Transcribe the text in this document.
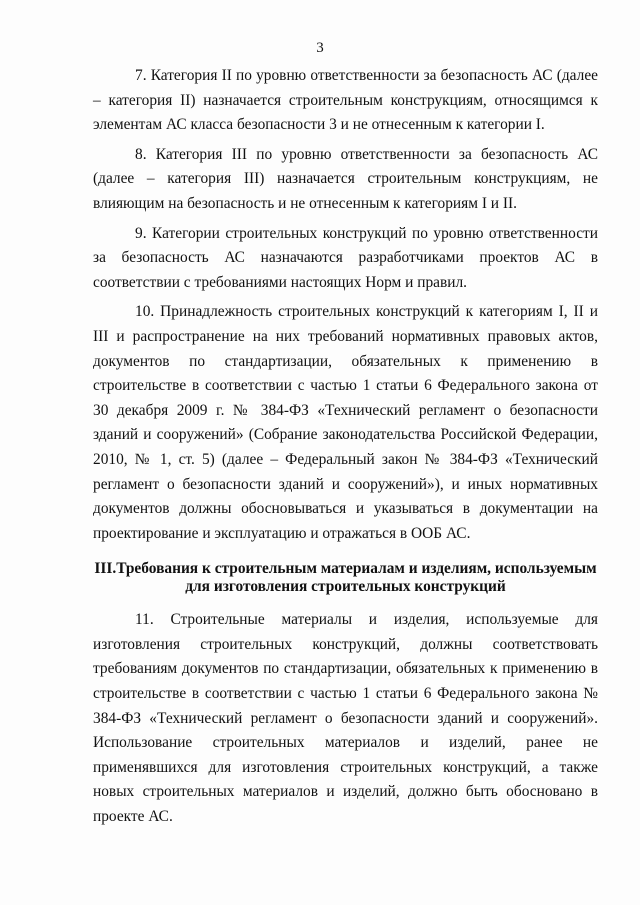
3

7. Категория II по уровню ответственности за безопасность АС (далее – категория II) назначается строительным конструкциям, относящимся к элементам АС класса безопасности 3 и не отнесенным к категории I.

8. Категория III по уровню ответственности за безопасность АС (далее – категория III) назначается строительным конструкциям, не влияющим на безопасность и не отнесенным к категориям I и II.

9. Категории строительных конструкций по уровню ответственности за безопасность АС назначаются разработчиками проектов АС в соответствии с требованиями настоящих Норм и правил.

10. Принадлежность строительных конструкций к категориям I, II и III и распространение на них требований нормативных правовых актов, документов по стандартизации, обязательных к применению в строительстве в соответствии с частью 1 статьи 6 Федерального закона от 30 декабря 2009 г. № 384-ФЗ «Технический регламент о безопасности зданий и сооружений» (Собрание законодательства Российской Федерации, 2010, № 1, ст. 5) (далее – Федеральный закон № 384-ФЗ «Технический регламент о безопасности зданий и сооружений»), и иных нормативных документов должны обосновываться и указываться в документации на проектирование и эксплуатацию и отражаться в ООБ АС.

III.Требования к строительным материалам и изделиям, используемым
для изготовления строительных конструкций

11. Строительные материалы и изделия, используемые для изготовления строительных конструкций, должны соответствовать требованиям документов по стандартизации, обязательных к применению в строительстве в соответствии с частью 1 статьи 6 Федерального закона № 384-ФЗ «Технический регламент о безопасности зданий и сооружений». Использование строительных материалов и изделий, ранее не применявшихся для изготовления строительных конструкций, а также новых строительных материалов и изделий, должно быть обосновано в проекте АС.
